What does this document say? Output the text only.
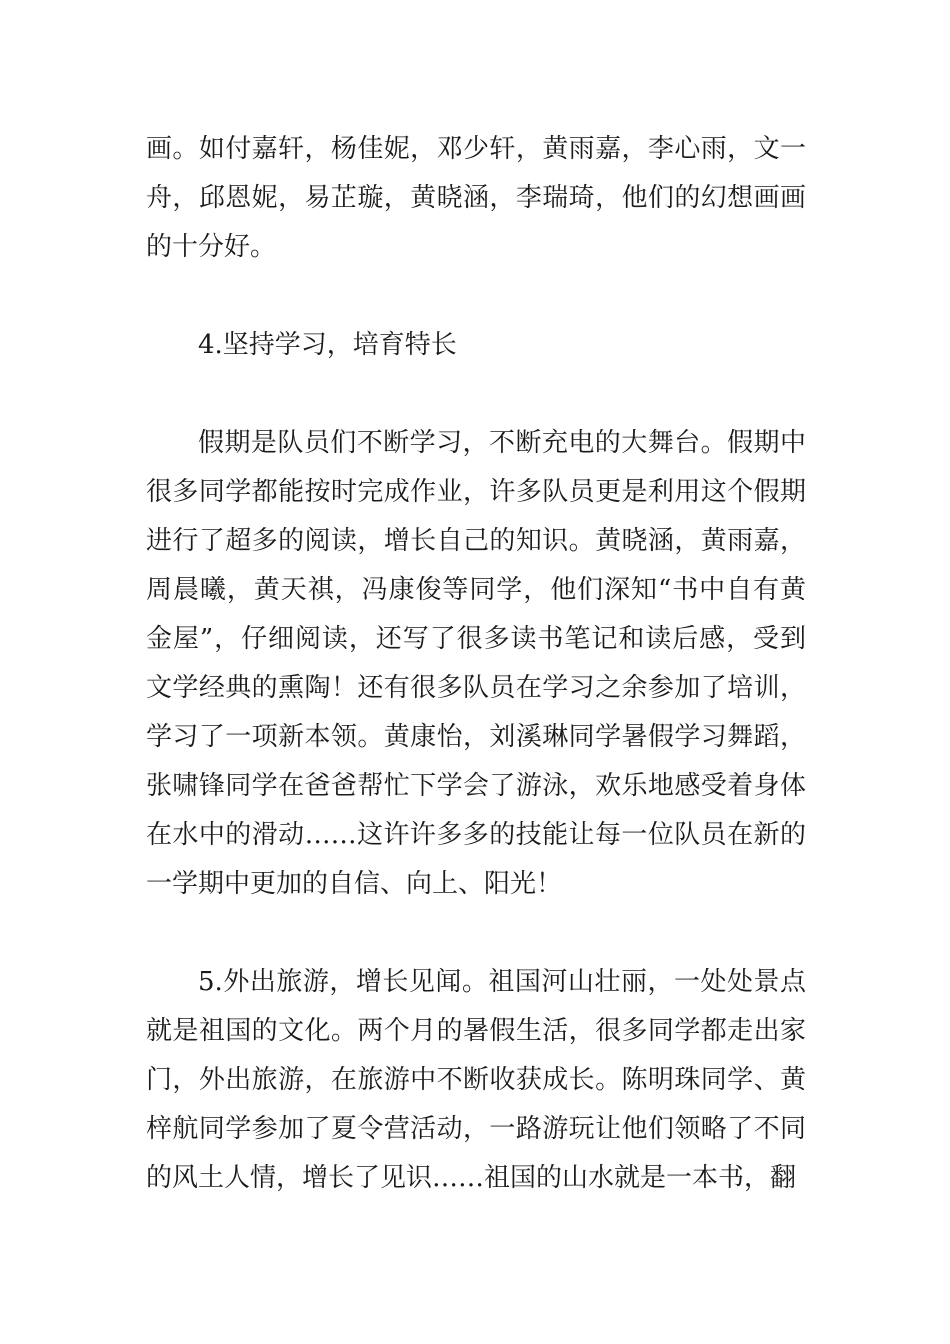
画。如付嘉轩，杨佳妮，邓少轩，黄雨嘉，李心雨，文一舟，邱恩妮，易芷璇，黄晓涵，李瑞琦，他们的幻想画画的十分好。

4.坚持学习，培育特长

假期是队员们不断学习，不断充电的大舞台。假期中很多同学都能按时完成作业，许多队员更是利用这个假期进行了超多的阅读，增长自己的知识。黄晓涵，黄雨嘉，周晨曦，黄天祺，冯康俊等同学，他们深知“书中自有黄金屋”，仔细阅读，还写了很多读书笔记和读后感，受到文学经典的熏陶！还有很多队员在学习之余参加了培训，学习了一项新本领。黄康怡，刘溪琳同学暑假学习舞蹈，张啸锋同学在爸爸帮忙下学会了游泳，欢乐地感受着身体在水中的滑动……这许许多多的技能让每一位队员在新的一学期中更加的自信、向上、阳光！

5.外出旅游，增长见闻。祖国河山壮丽，一处处景点就是祖国的文化。两个月的暑假生活，很多同学都走出家门，外出旅游，在旅游中不断收获成长。陈明珠同学、黄梓航同学参加了夏令营活动，一路游玩让他们领略了不同的风土人情，增长了见识……祖国的山水就是一本书，翻
